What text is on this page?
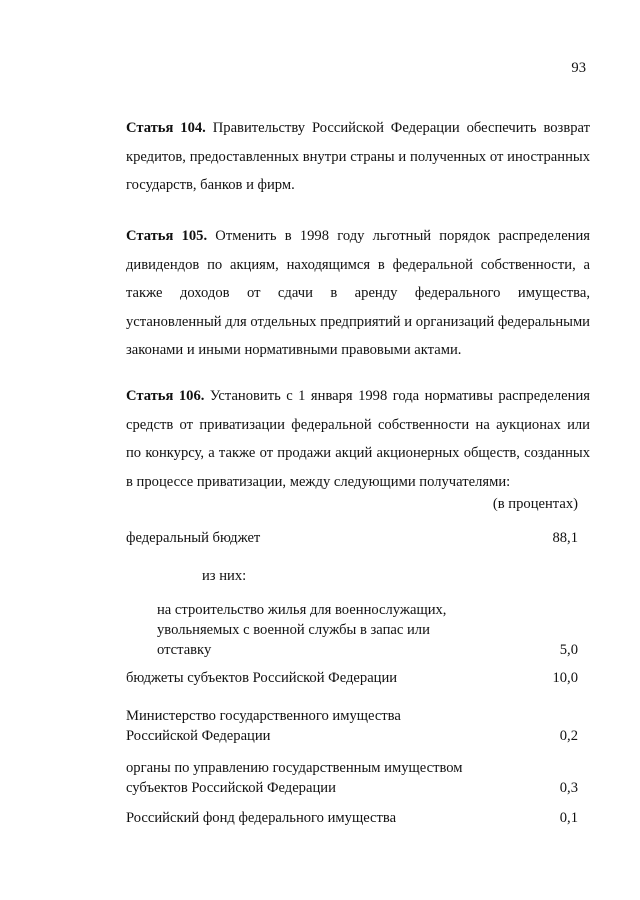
93

Статья 104. Правительству Российской Федерации обеспечить возврат кредитов, предоставленных внутри страны и полученных от иностранных государств, банков и фирм.

Статья 105. Отменить в 1998 году льготный порядок распределения дивидендов по акциям, находящимся в федеральной собственности, а также доходов от сдачи в аренду федерального имущества, установленный для отдельных предприятий и организаций федеральными законами и иными нормативными правовыми актами.

Статья 106. Установить с 1 января 1998 года нормативы распределения средств от приватизации федеральной собственности на аукционах или по конкурсу, а также от продажи акций акционерных обществ, созданных в процессе приватизации, между следующими получателями:

(в процентах)
федеральный бюджет	88,1
из них:
на строительство жилья для военнослужащих, увольняемых с военной службы в запас или отставку	5,0
бюджеты субъектов Российской Федерации	10,0
Министерство государственного имущества Российской Федерации	0,2
органы по управлению государственным имуществом субъектов Российской Федерации	0,3
Российский фонд федерального имущества	0,1
